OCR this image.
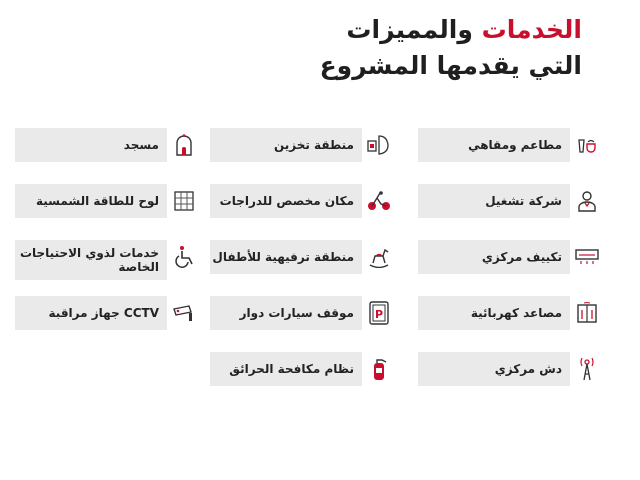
الخدمات والمميزات
التي يقدمها المشروع
مطاعم ومقاهي
شركة تشغيل
تكييف مركزي
مصاعد كهربائية
دش مركزي
منطقة تخزين
مكان مخصص للدراجات
منطقة ترفيهية للأطفال
P
موقف سيارات دوار
نظام مكافحة الحرائق
مسجد
لوح للطاقة الشمسية
خدمات لذوي الاحتياجات الخاصة
CCTV جهاز مراقبة
